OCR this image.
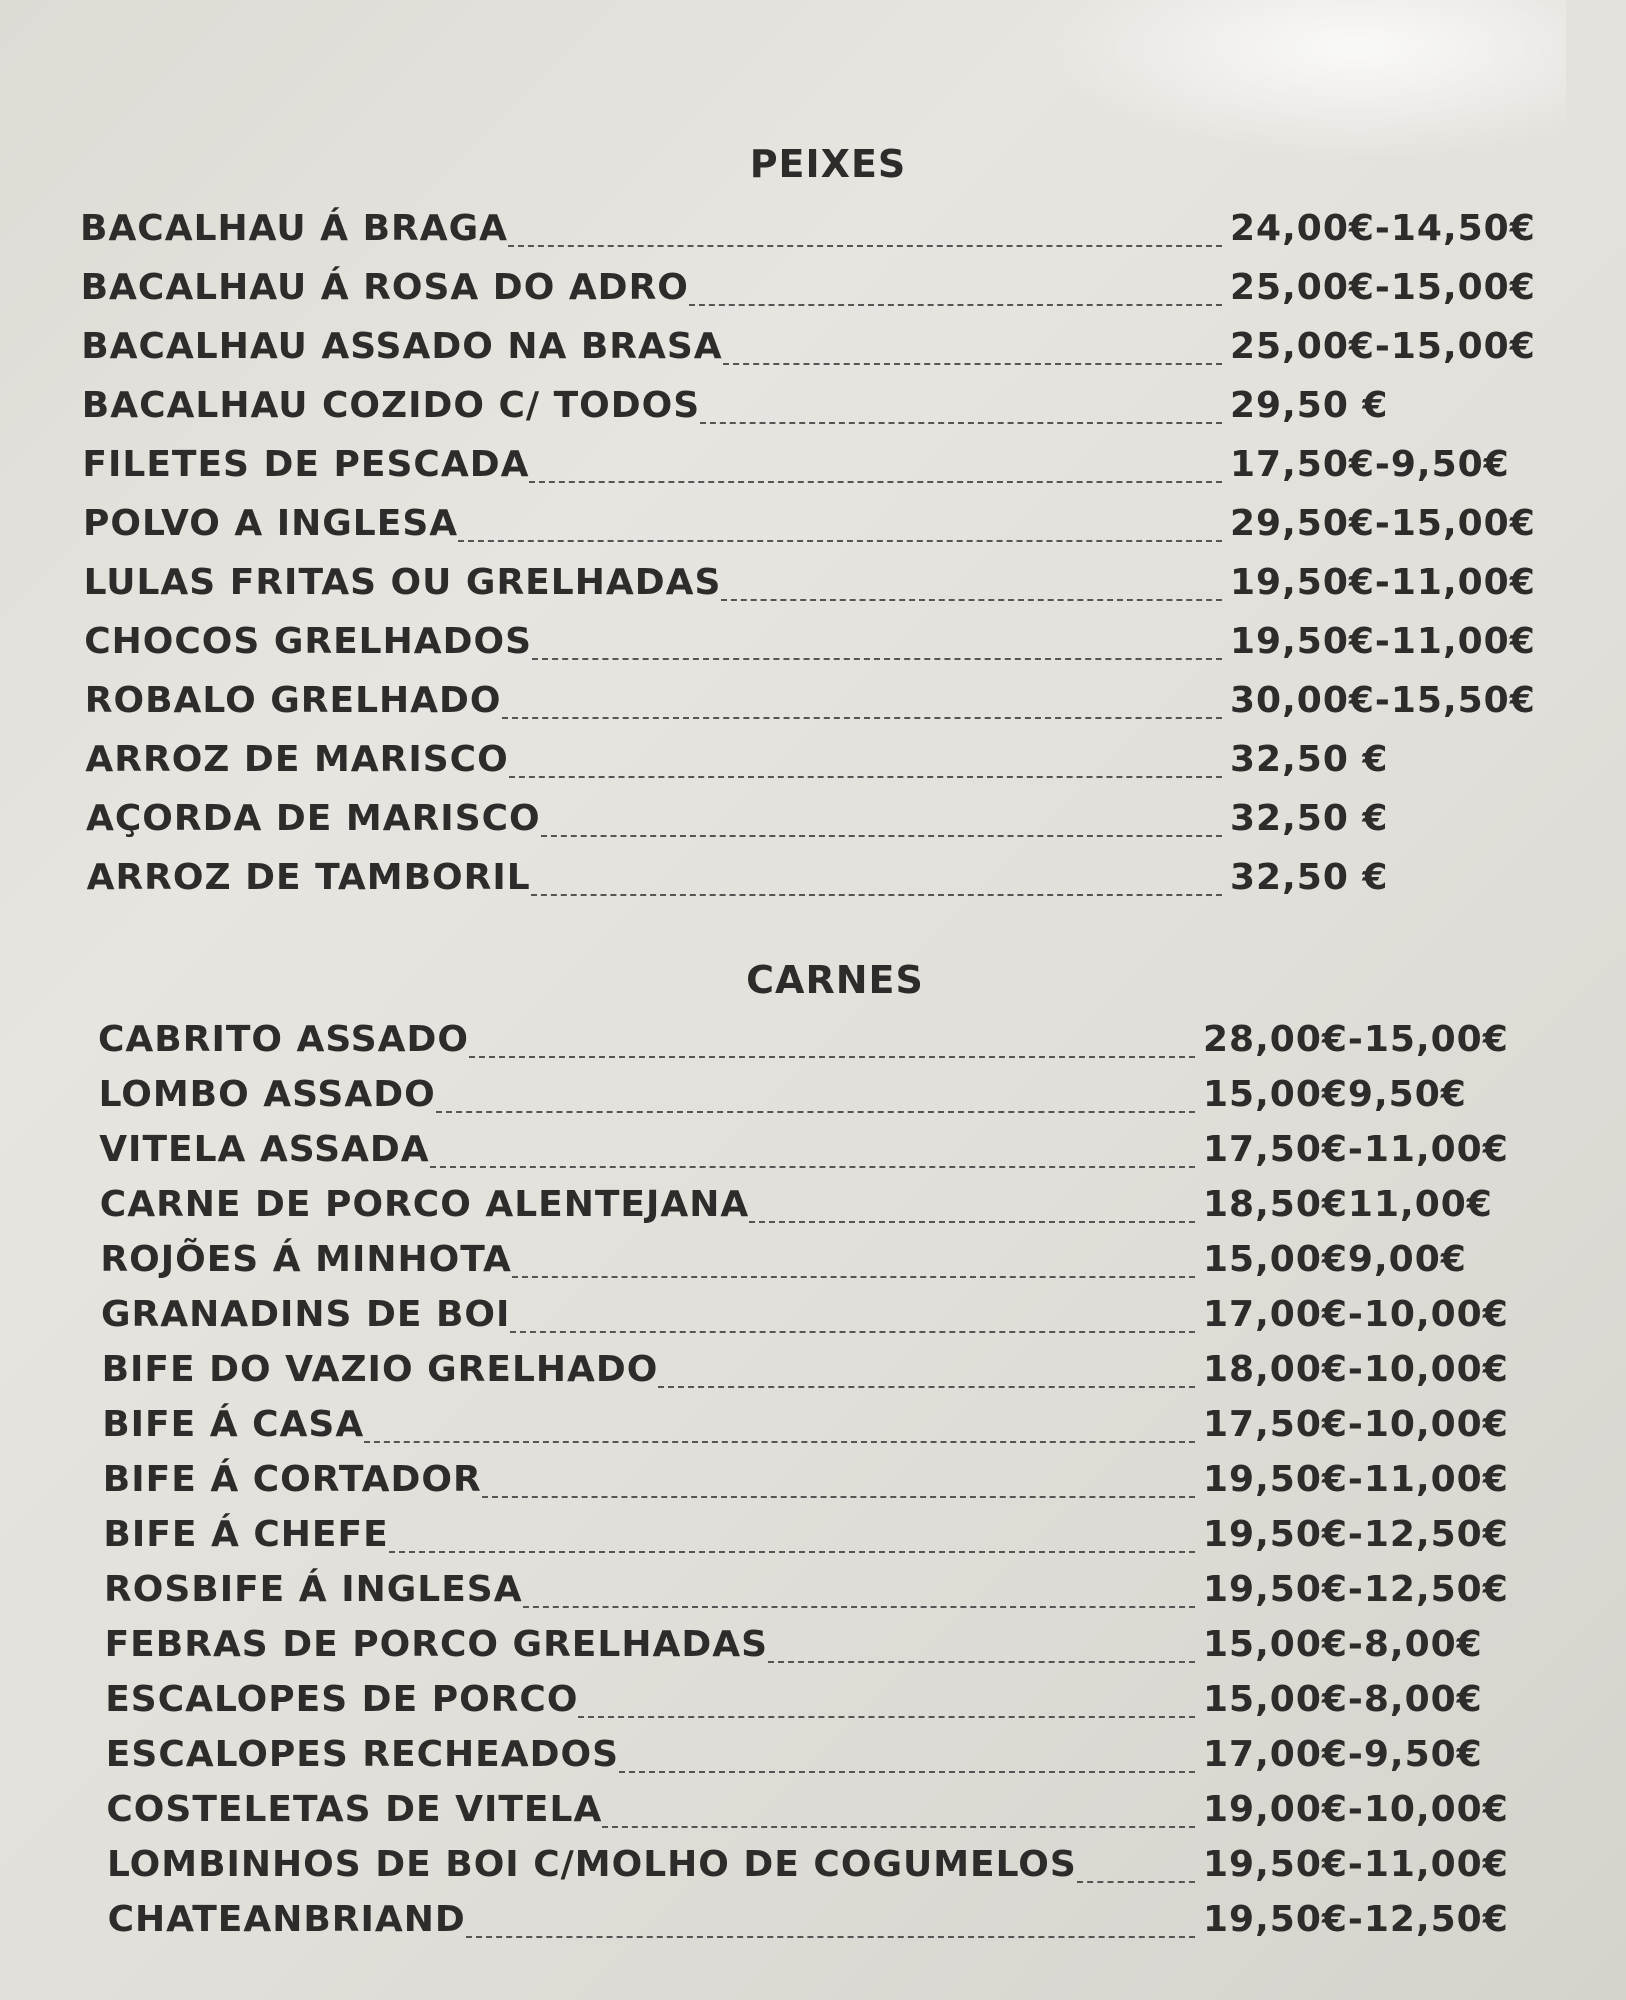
PEIXES
BACALHAU Á BRAGA	24,00€-14,50€
BACALHAU Á ROSA DO ADRO	25,00€-15,00€
BACALHAU ASSADO NA BRASA	25,00€-15,00€
BACALHAU COZIDO C/ TODOS	29,50 €
FILETES DE PESCADA	17,50€-9,50€
POLVO A INGLESA	29,50€-15,00€
LULAS FRITAS OU GRELHADAS	19,50€-11,00€
CHOCOS GRELHADOS	19,50€-11,00€
ROBALO GRELHADO	30,00€-15,50€
ARROZ DE MARISCO	32,50 €
AÇORDA DE MARISCO	32,50 €
ARROZ DE TAMBORIL	32,50 €
CARNES
CABRITO ASSADO	28,00€-15,00€
LOMBO ASSADO	15,00€9,50€
VITELA ASSADA	17,50€-11,00€
CARNE DE PORCO ALENTEJANA	18,50€11,00€
ROJÕES Á MINHOTA	15,00€9,00€
GRANADINS DE BOI	17,00€-10,00€
BIFE DO VAZIO GRELHADO	18,00€-10,00€
BIFE Á CASA	17,50€-10,00€
BIFE Á CORTADOR	19,50€-11,00€
BIFE Á CHEFE	19,50€-12,50€
ROSBIFE Á INGLESA	19,50€-12,50€
FEBRAS DE PORCO GRELHADAS	15,00€-8,00€
ESCALOPES DE PORCO	15,00€-8,00€
ESCALOPES RECHEADOS	17,00€-9,50€
COSTELETAS DE VITELA	19,00€-10,00€
LOMBINHOS DE BOI C/MOLHO DE COGUMELOS	19,50€-11,00€
CHATEANBRIAND	19,50€-12,50€
